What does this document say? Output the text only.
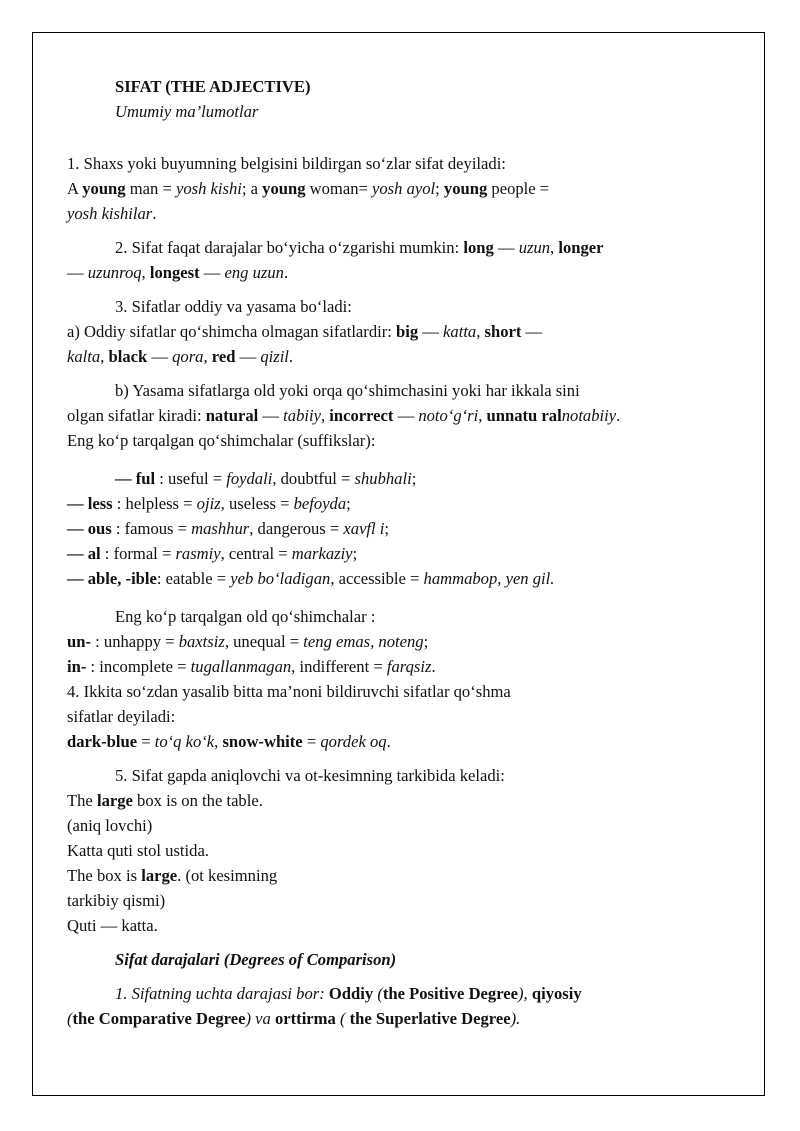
SIFAT (THE ADJECTIVE)
Umumiy ma’lumotlar
1. Shaxs yoki buyumning belgisini bildirgan so‘zlar sifat deyiladi:
A young man = yosh kishi; a young woman= yosh ayol; young people =
yosh kishilar.
2. Sifat faqat darajalar bo‘yicha o‘zgarishi mumkin: long — uzun, longer
— uzunroq, longest — eng uzun.
3. Sifatlar oddiy va yasama bo‘ladi:
a) Oddiy sifatlar qo‘shimcha olmagan sifatlardir: big — katta, short —
kalta, black — qora, red — qizil.
b) Yasama sifatlarga old yoki orqa qo‘shimchasini yoki har ikkala sini
olgan sifatlar kiradi: natural — tabiiy, incorrect — noto‘g‘ri, unnatu ralnotabiiy.
Eng ko‘p tarqalgan qo‘shimchalar (suffikslar):
— ful : useful = foydali, doubtful = shubhali;
— less : helpless = ojiz, useless = befoyda;
— ous : famous = mashhur, dangerous = xavfl i;
— al : formal = rasmiy, central = markaziy;
— able, -ible: eatable = yeb bo‘ladigan, accessible = hammabop, yen gil.
Eng ko‘p tarqalgan old qo‘shimchalar :
un- : unhappy = baxtsiz, unequal = teng emas, noteng;
in- : incomplete = tugallanmagan, indifferent = farqsiz.
4. Ikkita so‘zdan yasalib bitta ma’noni bildiruvchi sifatlar qo‘shma
sifatlar deyiladi:
dark-blue = to‘q ko‘k, snow-white = qordek oq.
5. Sifat gapda aniqlovchi va ot-kesimning tarkibida keladi:
The large box is on the table.
(aniq lovchi)
Katta quti stol ustida.
The box is large. (ot kesimning
tarkibiy qismi)
Quti — katta.
Sifat darajalari (Degrees of Comparison)
1. Sifatning uchta darajasi bor: Oddiy (the Positive Degree), qiyosiy
(the Comparative Degree) va orttirma ( the Superlative Degree).
